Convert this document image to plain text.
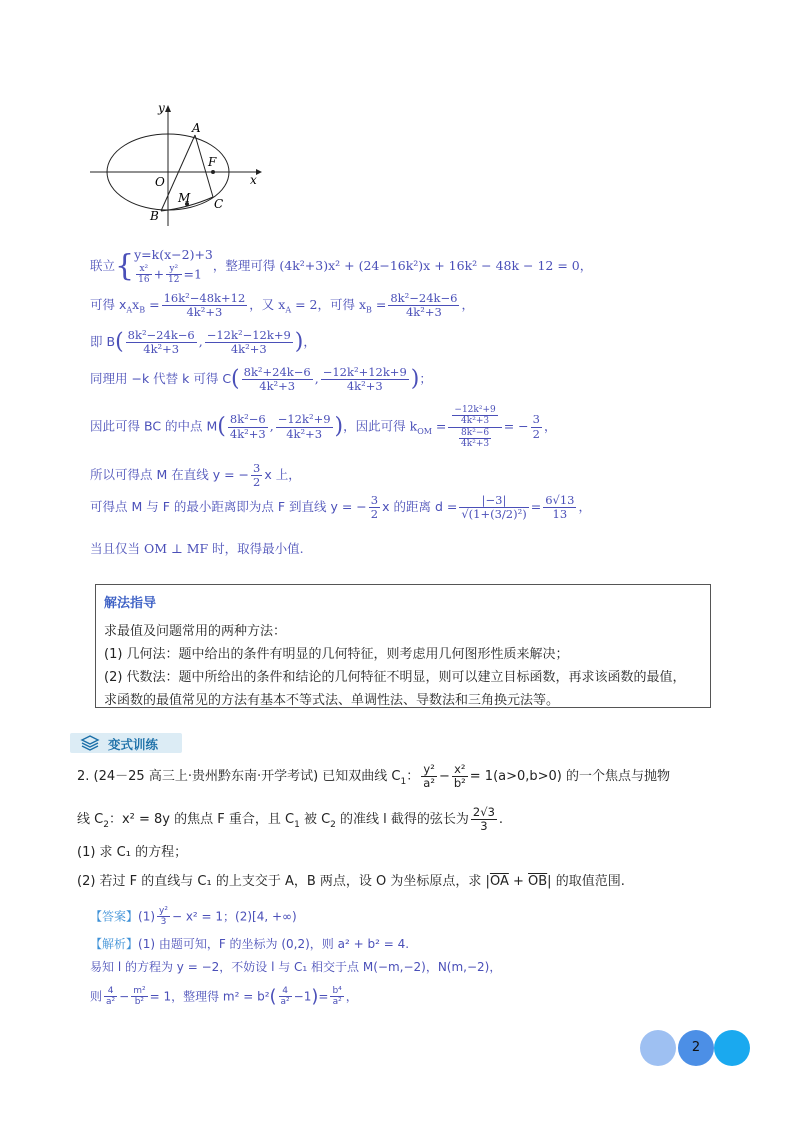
y
x
A
F
O
M
B
C
联立{y=k(x−2)+3

$\frac{\text{x²}}{16} + \frac{\text{y²}}{12} =1$，整理可得 (4k²+3)x² + (24−16k²)x + 16k² − 48k − 12 = 0，
可得 $x_Ax_B = \frac{\text{16k²−48k+12}}{\text{4k²+3}}$ ，又 $x_A = 2$，可得 $x_B = \frac{\text{8k²−24k−6}}{\text{4k²+3}}$ ，
即 $B( \frac{\text{8k²−24k−6}}{\text{4k²+3}}$ , $\frac{\text{−12k²−12k+9}}{\text{4k²+3}}$ )，
同理用 −k 代替 k 可得 $C( \frac{\text{8k²+24k−6}}{\text{4k²+3}}$ , $\frac{\text{−12k²+12k+9}}{\text{4k²+3}}$ )；
因此可得 BC 的中点 $M( \frac{\text{8k²−6}}{\text{4k²+3}}$ , $\frac{\text{−12k²+9}}{\text{4k²+3}}$ )，因此可得 $k_{OM} = \frac{\frac{\text{−12k²+9}}{\text{4k²+3}}}{\frac{\text{8k²−6}}{\text{4k²+3}}}$ = − $\frac{3}{2}$ ，
所以可得点 M 在直线 y = − $\frac{3}{2}$ x 上，
可得点 M 与 F 的最小距离即为点 F 到直线 y = − $\frac{3}{2}$ x 的距离 $d = \frac{|-3|}{\text{√(1+(3/2)²)}} = \frac{6√13}{13}$ ，
当且仅当 OM ⊥ MF 时，取得最小值.
解法指导
求最值及问题常用的两种方法：
(1) 几何法：题中给出的条件有明显的几何特征，则考虑用几何图形性质来解决；
(2) 代数法：题中所给出的条件和结论的几何特征不明显，则可以建立目标函数，再求该函数的最值，
求函数的最值常见的方法有基本不等式法、单调性法、导数法和三角换元法等。
变式训练
2. (24－25 高三上·贵州黔东南·开学考试) 已知双曲线 $C_1$： $\frac{\text{y²}}{\text{a²}} - \frac{\text{x²}}{\text{b²}} = 1(a>0,b>0)$ 的一个焦点与抛物
线 $C_2$：x² = 8y 的焦点 F 重合，且 $C_1$ 被 $C_2$ 的准线 l 截得的弦长为 $\frac{2√3}{3}$ .
(1) 求 C₁ 的方程；
(2) 若过 F 的直线与 C₁ 的上支交于 A，B 两点，设 O 为坐标原点，求 $|\overline{OA} + \overline{OB}|$ 的取值范围.
【答案】$(1) \frac{\text{y²}}{3} - x^2 = 1$；(2)[4, +∞)
【解析】(1) 由题可知，F 的坐标为 (0,2)，则 a² + b² = 4.
易知 l 的方程为 y = −2，不妨设 l 与 C₁ 相交于点 M(−m,−2)，N(m,−2)，
则 $\frac{4}{\text{a²}} - \frac{\text{m²}}{\text{b²}} = 1$，整理得 $m^2 = b^2( \frac{4}{\text{a²}} -1)= \frac{\text{b⁴}}{\text{a²}}$ ，
2
